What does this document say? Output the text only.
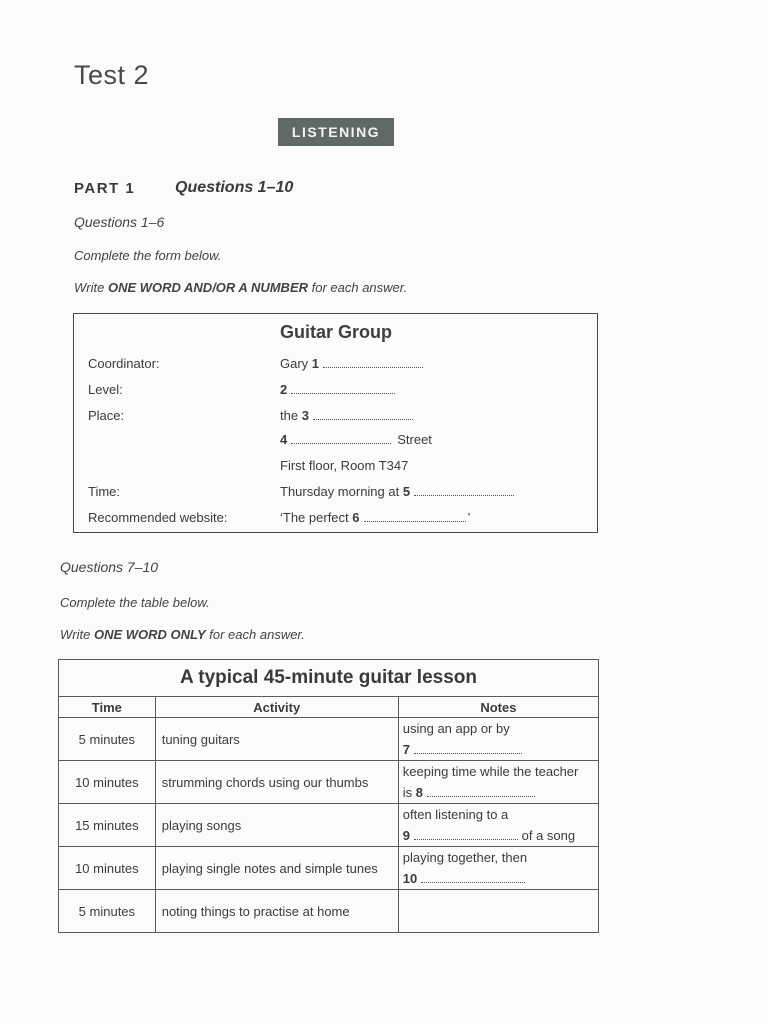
Test 2
LISTENING
PART 1 Questions 1–10
Questions 1–6
Complete the form below.
Write ONE WORD AND/OR A NUMBER for each answer.
Guitar Group
Coordinator:	Gary 1
Level:	2
Place:	the 3
4	Street
First floor, Room T347
Time:	Thursday morning at 5
Recommended website:	‘The perfect 6	’
Questions 7–10
Complete the table below.
Write ONE WORD ONLY for each answer.
A typical 45-minute guitar lesson		
Time	Activity	Notes
5 minutes	tuning guitars	using an app or by
7
10 minutes	strumming chords using our thumbs	keeping time while the teacher
is 8
15 minutes	playing songs	often listening to a
9 of a song
10 minutes	playing single notes and simple tunes	playing together, then
10
5 minutes	noting things to practise at home	
